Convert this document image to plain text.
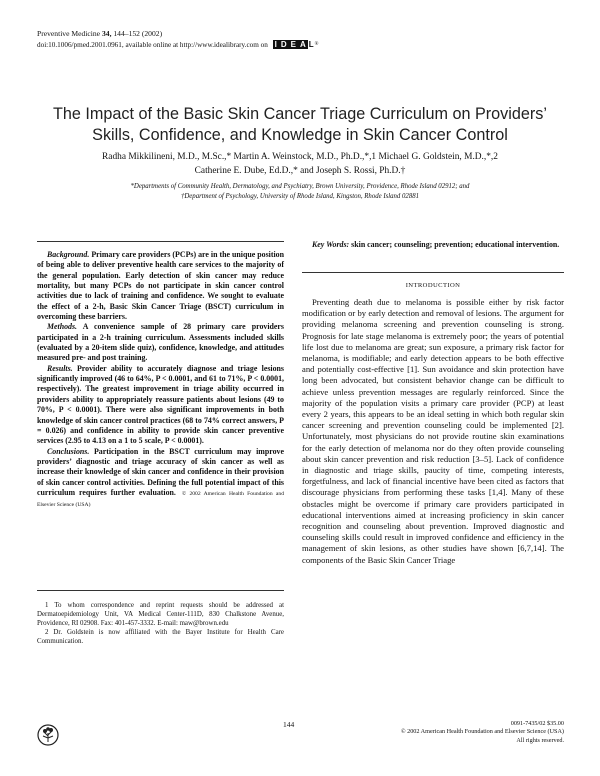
Preventive Medicine 34, 144–152 (2002)
doi:10.1006/pmed.2001.0961, available online at http://www.idealibrary.com on I D E A L®
The Impact of the Basic Skin Cancer Triage Curriculum on Providers’
Skills, Confidence, and Knowledge in Skin Cancer Control
Radha Mikkilineni, M.D., M.Sc.,* Martin A. Weinstock, M.D., Ph.D.,*,1 Michael G. Goldstein, M.D.,*,2
Catherine E. Dube, Ed.D.,* and Joseph S. Rossi, Ph.D.†
*Departments of Community Health, Dermatology, and Psychiatry, Brown University, Providence, Rhode Island 02912; and
†Department of Psychology, University of Rhode Island, Kingston, Rhode Island 02881

Background. Primary care providers (PCPs) are in the unique position of being able to deliver preventive health care services to the majority of the general population. Early detection of skin cancer may reduce mortality, but many PCPs do not participate in skin cancer control activities due to lack of training and confidence. We sought to evaluate the effect of a 2-h, Basic Skin Cancer Triage (BSCT) curriculum in overcoming these barriers.

Methods. A convenience sample of 28 primary care providers participated in a 2-h training curriculum. Assessments included skills (evaluated by a 20-item slide quiz), confidence, knowledge, and attitudes measured pre- and post training.

Results. Provider ability to accurately diagnose and triage lesions significantly improved (46 to 64%, P < 0.0001, and 61 to 71%, P < 0.0001, respectively). The greatest improvement in triage ability occurred in providers ability to appropriately reassure patients about lesions (49 to 70%, P < 0.0001). There were also significant improvements in both knowledge of skin cancer control practices (68 to 74% correct answers, P = 0.026) and confidence in ability to provide skin cancer preventive services (2.95 to 4.13 on a 1 to 5 scale, P < 0.0001).

Conclusions. Participation in the BSCT curriculum may improve providers’ diagnostic and triage accuracy of skin cancer as well as increase their knowledge of skin cancer and confidence in their provision of skin cancer control activities. Defining the full potential impact of this curriculum requires further evaluation. © 2002 American Health Foundation and Elsevier Science (USA)

Key Words: skin cancer; counseling; prevention; educational intervention.
INTRODUCTION

Preventing death due to melanoma is possible either by risk factor modification or by early detection and removal of lesions. The argument for providing melanoma screening and prevention counseling is strong. Prognosis for late stage melanoma is extremely poor; the years of potential life lost due to melanoma are great; sun exposure, a primary risk factor for melanoma, is modifiable; and early detection appears to be both effective and potentially cost-effective [1]. Sun avoidance and skin protection have long been advocated, but consistent behavior change can be difficult to achieve unless prevention messages are regularly reinforced. Since the majority of the population visits a primary care provider (PCP) at least every 2 years, this appears to be an ideal setting in which both regular skin cancer screening and prevention counseling could be implemented [2]. Unfortunately, most physicians do not provide routine skin examinations for the early detection of melanoma nor do they often provide counseling about skin cancer prevention and risk reduction [3–5]. Lack of confidence in diagnostic and triage skills, paucity of time, competing interests, forgetfulness, and lack of financial incentive have been cited as factors that discourage physicians from performing these tasks [1,4]. Many of these obstacles might be overcome if primary care providers participated in educational interventions aimed at increasing proficiency in skin cancer recognition and counseling about prevention. Improved diagnostic and counseling skills could result in improved confidence and efficiency in the management of skin lesions, as other studies have shown [6,7,14]. The components of the Basic Skin Cancer Triage

1 To whom correspondence and reprint requests should be addressed at Dermatoepidemiology Unit, VA Medical Center-111D, 830 Chalkstone Avenue, Providence, RI 02908. Fax: 401-457-3332. E-mail: maw@brown.edu

2 Dr. Goldstein is now affiliated with the Bayer Institute for Health Care Communication.

144	0091-7435/02 $35.00
© 2002 American Health Foundation and Elsevier Science (USA)
All rights reserved.
